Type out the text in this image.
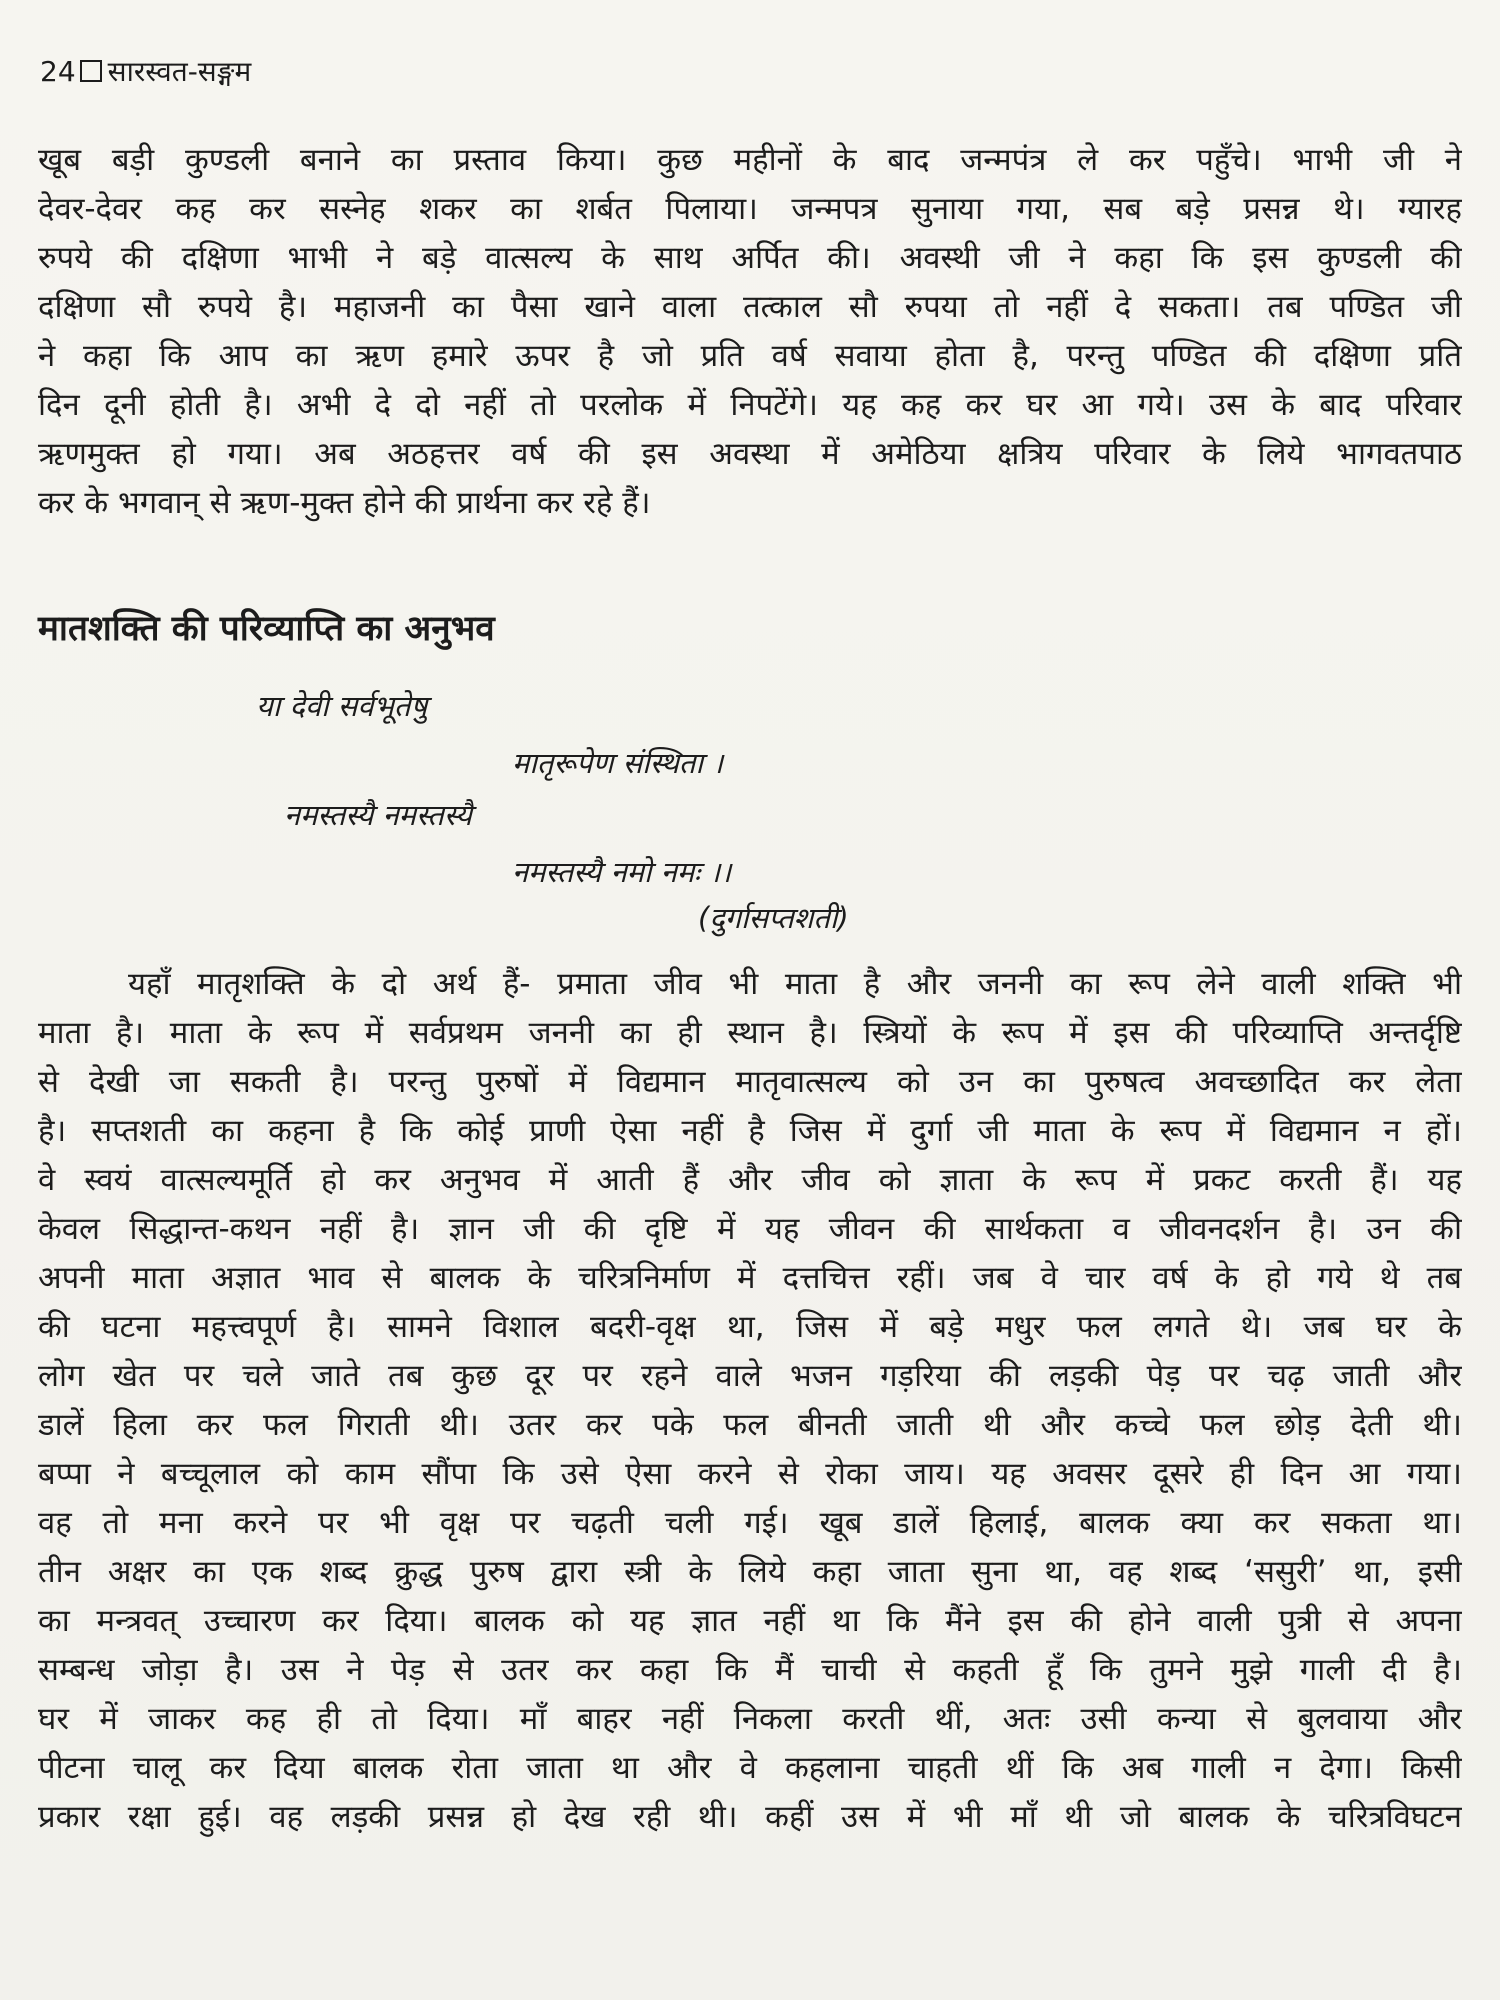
24 सारस्वत-सङ्गम
खूब बड़ी कुण्डली बनाने का प्रस्ताव किया। कुछ महीनों के बाद जन्मपंत्र ले कर पहुँचे। भाभी जी ने
देवर-देवर कह कर सस्नेह शकर का शर्बत पिलाया। जन्मपत्र सुनाया गया, सब बड़े प्रसन्न थे। ग्यारह
रुपये की दक्षिणा भाभी ने बड़े वात्सल्य के साथ अर्पित की। अवस्थी जी ने कहा कि इस कुण्डली की
दक्षिणा सौ रुपये है। महाजनी का पैसा खाने वाला तत्काल सौ रुपया तो नहीं दे सकता। तब पण्डित जी
ने कहा कि आप का ऋण हमारे ऊपर है जो प्रति वर्ष सवाया होता है, परन्तु पण्डित की दक्षिणा प्रति
दिन दूनी होती है। अभी दे दो नहीं तो परलोक में निपटेंगे। यह कह कर घर आ गये। उस के बाद परिवार
ऋणमुक्त हो गया। अब अठहत्तर वर्ष की इस अवस्था में अमेठिया क्षत्रिय परिवार के लिये भागवतपाठ
कर के भगवान् से ऋण-मुक्त होने की प्रार्थना कर रहे हैं।
मातशक्ति की परिव्याप्ति का अनुभव
या देवी सर्वभूतेषु
मातृरूपेण संस्थिता ।
नमस्तस्यै नमस्तस्यै
नमस्तस्यै नमो नमः ।।
(दुर्गासप्तशती)
यहाँ मातृशक्ति के दो अर्थ हैं- प्रमाता जीव भी माता है और जननी का रूप लेने वाली शक्ति भी
माता है। माता के रूप में सर्वप्रथम जननी का ही स्थान है। स्त्रियों के रूप में इस की परिव्याप्ति अन्तर्दृष्टि
से देखी जा सकती है। परन्तु पुरुषों में विद्यमान मातृवात्सल्य को उन का पुरुषत्व अवच्छादित कर लेता
है। सप्तशती का कहना है कि कोई प्राणी ऐसा नहीं है जिस में दुर्गा जी माता के रूप में विद्यमान न हों।
वे स्वयं वात्सल्यमूर्ति हो कर अनुभव में आती हैं और जीव को ज्ञाता के रूप में प्रकट करती हैं। यह
केवल सिद्धान्त-कथन नहीं है। ज्ञान जी की दृष्टि में यह जीवन की सार्थकता व जीवनदर्शन है। उन की
अपनी माता अज्ञात भाव से बालक के चरित्रनिर्माण में दत्तचित्त रहीं। जब वे चार वर्ष के हो गये थे तब
की घटना महत्त्वपूर्ण है। सामने विशाल बदरी-वृक्ष था, जिस में बड़े मधुर फल लगते थे। जब घर के
लोग खेत पर चले जाते तब कुछ दूर पर रहने वाले भजन गड़रिया की लड़की पेड़ पर चढ़ जाती और
डालें हिला कर फल गिराती थी। उतर कर पके फल बीनती जाती थी और कच्चे फल छोड़ देती थी।
बप्पा ने बच्चूलाल को काम सौंपा कि उसे ऐसा करने से रोका जाय। यह अवसर दूसरे ही दिन आ गया।
वह तो मना करने पर भी वृक्ष पर चढ़ती चली गई। खूब डालें हिलाई, बालक क्या कर सकता था।
तीन अक्षर का एक शब्द क्रुद्ध पुरुष द्वारा स्त्री के लिये कहा जाता सुना था, वह शब्द ‘ससुरी’ था, इसी
का मन्त्रवत् उच्चारण कर दिया। बालक को यह ज्ञात नहीं था कि मैंने इस की होने वाली पुत्री से अपना
सम्बन्ध जोड़ा है। उस ने पेड़ से उतर कर कहा कि मैं चाची से कहती हूँ कि तुमने मुझे गाली दी है।
घर में जाकर कह ही तो दिया। माँ बाहर नहीं निकला करती थीं, अतः उसी कन्या से बुलवाया और
पीटना चालू कर दिया बालक रोता जाता था और वे कहलाना चाहती थीं कि अब गाली न देगा। किसी
प्रकार रक्षा हुई। वह लड़की प्रसन्न हो देख रही थी। कहीं उस में भी माँ थी जो बालक के चरित्रविघटन
